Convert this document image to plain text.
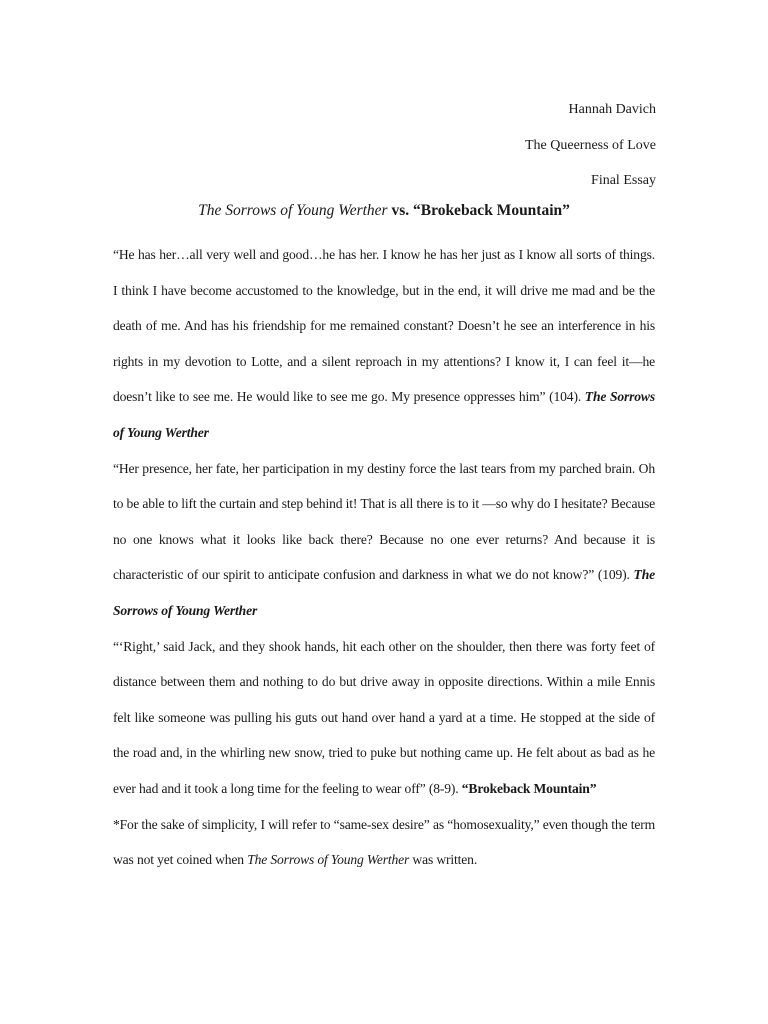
Hannah Davich
The Queerness of Love
Final Essay
The Sorrows of Young Werther vs. “Brokeback Mountain”

“He has her…all very well and good…he has her. I know he has her just as I know all sorts of things. I think I have become accustomed to the knowledge, but in the end, it will drive me mad and be the death of me. And has his friendship for me remained constant? Doesn’t he see an interference in his rights in my devotion to Lotte, and a silent reproach in my attentions? I know it, I can feel it—he doesn’t like to see me. He would like to see me go. My presence oppresses him” (104). The Sorrows of Young Werther

“Her presence, her fate, her participation in my destiny force the last tears from my parched brain. Oh to be able to lift the curtain and step behind it! That is all there is to it —so why do I hesitate? Because no one knows what it looks like back there? Because no one ever returns? And because it is characteristic of our spirit to anticipate confusion and darkness in what we do not know?” (109). The Sorrows of Young Werther

“‘Right,’ said Jack, and they shook hands, hit each other on the shoulder, then there was forty feet of distance between them and nothing to do but drive away in opposite directions. Within a mile Ennis felt like someone was pulling his guts out hand over hand a yard at a time. He stopped at the side of the road and, in the whirling new snow, tried to puke but nothing came up. He felt about as bad as he ever had and it took a long time for the feeling to wear off” (8-9). “Brokeback Mountain”

*For the sake of simplicity, I will refer to “same-sex desire” as “homosexuality,” even though the term was not yet coined when The Sorrows of Young Werther was written.
